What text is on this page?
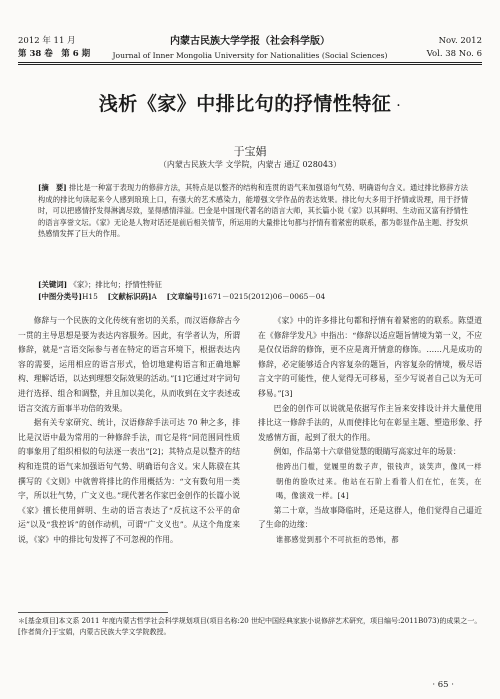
2012 年 11 月
第 38 卷　第 6 期
内蒙古民族大学学报（社会科学版）
Journal of Inner Mongolia University for Nationalities (Social Sciences)
Nov. 2012
Vol. 38 No. 6
浅析《家》中排比句的抒情性特征 ·
于宝娟
（内蒙古民族大学 文学院，内蒙古 通辽 028043）
[摘　要] 排比是一种富于表现力的修辞方法，其特点是以整齐的结构和连贯的语气来加强语句气势、明确语句含义。通过排比修辞方法构成的排比句读起来令人感到琅琅上口，有强大的艺术感染力，能增强文学作品的表达效果。排比句大多用于抒情或说理，用于抒情时，可以把感情抒发得淋漓尽致，显得感情洋溢。巴金是中国现代著名的语言大师，其长篇小说《家》以其鲜明、生动而又富有抒情性的语言享誉文坛。《家》无论是人物对话还是前后相关情节，所运用的大量排比句都与抒情有着紧密的联系，都为彰显作品主题、抒发炽热感情发挥了巨大的作用。
[关键词] 《家》；排比句；抒情性特征
[中图分类号]H15　 [文献标识码]A　 [文章编号]1671－0215(2012)06－0065－04

修辞与一个民族的文化传统有密切的关系，而汉语修辞古今一贯的主导思想是要为表达内容服务。因此，有学者认为，所谓修辞，就是“言语交际参与者在特定的语言环境下，根据表达内容的需要，运用相应的语言形式，恰切地建构语言和正确地解构、理解话语，以达到理想交际效果的活动。”[1]它通过对字词句进行选择、组合和调整，并且加以美化，从而收到在文字表述或语言交流方面事半功倍的效果。

据有关专家研究、统计，汉语修辞手法可达 70 种之多，排比是汉语中最为常用的一种修辞手法，而它是将“同范围同性质的事象用了组织相似的句法逐一表出”[2]；其特点是以整齐的结构和连贯的语气来加强语句气势、明确语句含义。宋人陈骙在其撰写的《文则》中就曾将排比的作用概括为：“文有数句用一类字，所以壮气势，广文义也。”现代著名作家巴金创作的长篇小说《家》擅长使用鲜明、生动的语言表达了“反抗这不公平的命运”以及“我控诉”的创作动机，可谓“广文义也”。从这个角度来说，《家》中的排比句发挥了不可忽视的作用。

《家》中的许多排比句都和抒情有着紧密的的联系。陈望道在《修辞学发凡》中指出：“修辞以适应题旨情境为第一义，不应是仅仅语辞的修饰，更不应是离开情意的修饰。……凡是成功的修辞，必定能够适合内容复杂的题旨，内容复杂的情境，极尽语言文字的可能性，使人觉得无可移易，至少写说者自己以为无可移易。”[3]

巴金的创作可以说就是依据写作主旨来安排设计并大量使用排比这一修辞手法的，从而使排比句在彰显主题、塑造形象、抒发感情方面，起到了很大的作用。

例如，作品第十六章借觉慧的眼睛写高家过年的场景：

他跨出门槛，觉履里的数子声，银钱声，谈笑声，像风一样朝他的脸吹过来。他站在石阶上看着人们在忙，在笑，在喝，像演戏一样。[4]

第二十章，当故事降临时，还是这群人，他们觉得自己逼近了生命的边缘：

谁都感觉到那个不可抗拒的恐怖，都

＊[基金项目]本文系 2011 年度内蒙古哲学社会科学规划项目(项目名称:20 世纪中国经典家族小说修辞艺术研究，项目编号:2011B073)的成果之一。
[作者简介]于宝娟，内蒙古民族大学文学院教授。
· 65 ·
